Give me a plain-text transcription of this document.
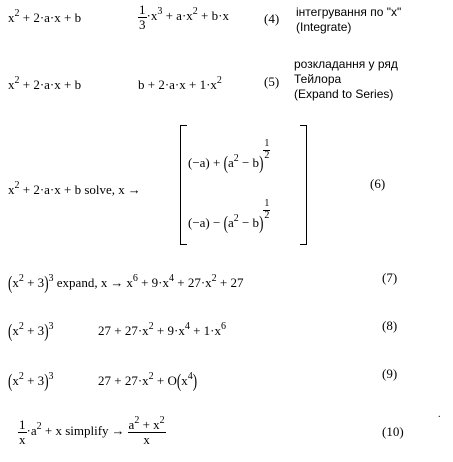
$x^2 + 2\cdot a\cdot x + b$	$\frac{1}{3} \cdot x^3 + a\cdot x^2 + b\cdot x$	(4) інтегрування по "x"
(Integrate)
$x^2 + 2\cdot a\cdot x + b$	$b + 2\cdot a\cdot x + 1\cdot x^2$	(5)
розкладання у ряд
Тейлора
(Expand to Series)
$x^2 + 2\cdot a\cdot x + b$ solve, x →
$(-a) + (a^2 - b)$
$\frac{1}{2}$
$(-a) - (a^2 - b)$
$\frac{1}{2}$
(6)
$(x^2 + 3)^3$ expand, $x \to x^6 + 9\cdot x^4 + 27\cdot x^2 + 27$	(7)
$(x^2 + 3)^3$	$27 + 27\cdot x^2 + 9\cdot x^4 + 1\cdot x^6$	(8)
$(x^2 + 3)^3$	$27 + 27\cdot x^2 + O(x^4)$	(9)
$\frac{1}{x} \cdot a^2 + x$ simplify → $\frac{a^2 + x^2}{x}$	(10)
.
